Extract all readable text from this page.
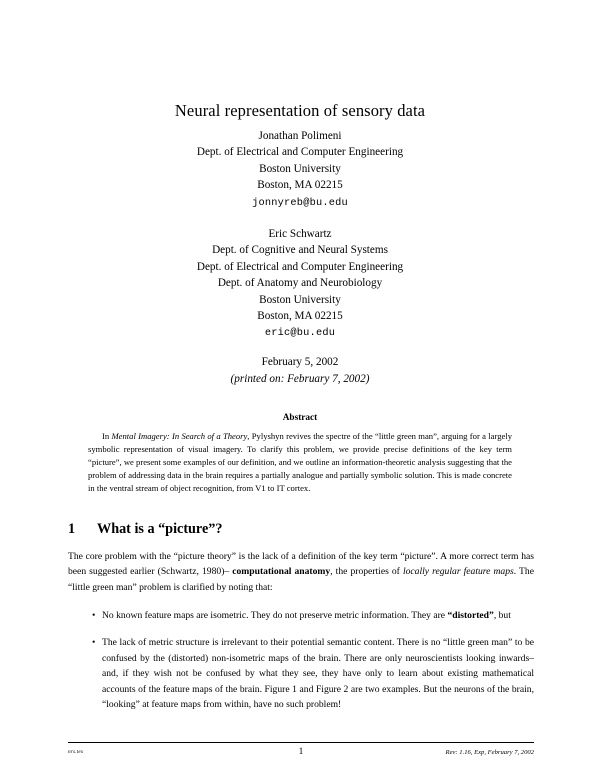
Neural representation of sensory data
Jonathan Polimeni
Dept. of Electrical and Computer Engineering
Boston University
Boston, MA 02215
jonnyreb@bu.edu
Eric Schwartz
Dept. of Cognitive and Neural Systems
Dept. of Electrical and Computer Engineering
Dept. of Anatomy and Neurobiology
Boston University
Boston, MA 02215
eric@bu.edu
February 5, 2002
(printed on: February 7, 2002)
Abstract
In Mental Imagery: In Search of a Theory, Pylyshyn revives the spectre of the “little green man”, arguing for a largely symbolic representation of visual imagery. To clarify this problem, we provide precise definitions of the key term “picture”, we present some examples of our definition, and we outline an information-theoretic analysis suggesting that the problem of addressing data in the brain requires a partially analogue and partially symbolic solution. This is made concrete in the ventral stream of object recognition, from V1 to IT cortex.
1 What is a “picture”?
The core problem with the “picture theory” is the lack of a definition of the key term “picture”. A more correct term has been suggested earlier (Schwartz, 1980)– computational anatomy, the properties of locally regular feature maps. The “little green man” problem is clarified by noting that:
• No known feature maps are isometric. They do not preserve metric information. They are “distorted”, but
• The lack of metric structure is irrelevant to their potential semantic content. There is no “little green man” to be confused by the (distorted) non-isometric maps of the brain. There are only neuroscientists looking inwards–and, if they wish not be confused by what they see, they have only to learn about existing mathematical accounts of the feature maps of the brain. Figure 1 and Figure 2 are two examples. But the neurons of the brain, “looking” at feature maps from within, have no such problem!
nrs.tex	1	Rev: 1.16, Exp, February 7, 2002
